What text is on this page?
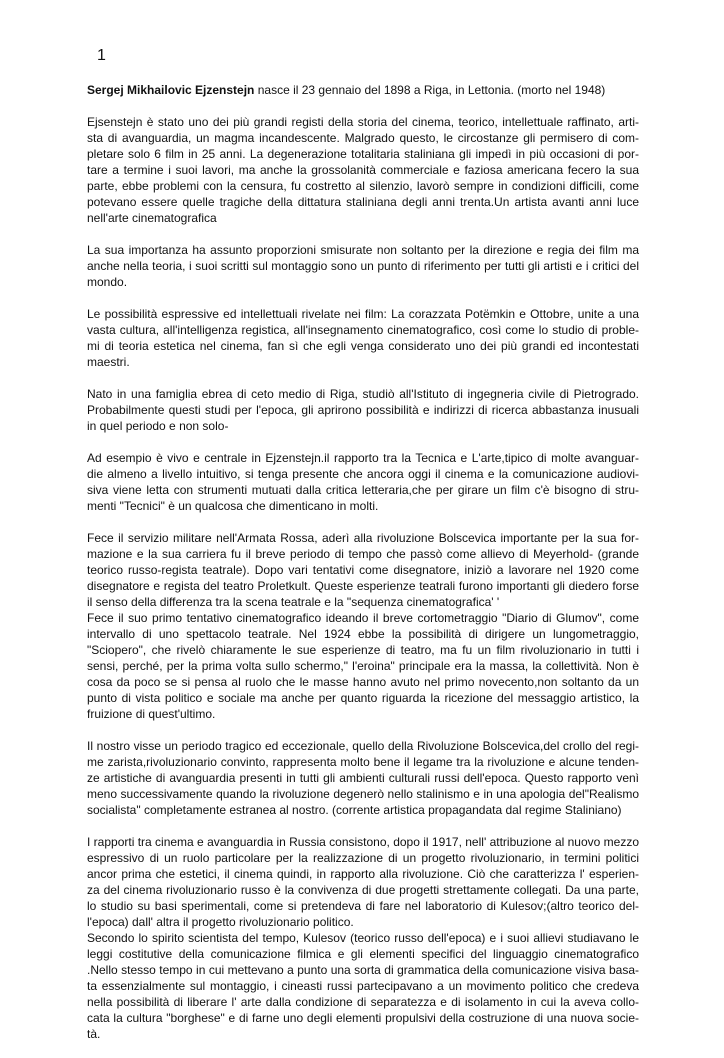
1

Sergej Mikhailovic Ejzenstejn nasce il 23 gennaio del 1898 a Riga, in Lettonia. (morto nel 1948)

Ejsenstejn è stato uno dei più grandi registi della storia del cinema, teorico, intellettuale raffinato, arti-
sta di avanguardia, un magma incandescente. Malgrado questo, le circostanze gli permisero di com-
pletare solo 6 film in 25 anni. La degenerazione totalitaria staliniana gli impedì in più occasioni di por-
tare a termine i suoi lavori, ma anche la grossolanità commerciale e faziosa americana fecero la sua
parte, ebbe problemi con la censura, fu costretto al silenzio, lavorò sempre in condizioni difficili, come
potevano essere quelle tragiche della dittatura staliniana degli anni trenta.Un artista avanti anni luce
nell'arte cinematografica

La sua importanza ha assunto proporzioni smisurate non soltanto per la direzione e regia dei film ma
anche nella teoria, i suoi scritti sul montaggio sono un punto di riferimento per tutti gli artisti e i critici del
mondo.

Le possibilità espressive ed intellettuali rivelate nei film: La corazzata Potëmkin e Ottobre, unite a una
vasta cultura, all'intelligenza registica, all'insegnamento cinematografico, così come lo studio di proble-
mi di teoria estetica nel cinema, fan sì che egli venga considerato uno dei più grandi ed incontestati
maestri.

Nato in una famiglia ebrea di ceto medio di Riga, studiò all'Istituto di ingegneria civile di Pietrogrado.
Probabilmente questi studi per l'epoca, gli aprirono possibilità e indirizzi di ricerca abbastanza inusuali
in quel periodo e non solo-

Ad esempio è vivo e centrale in Ejzenstejn.il rapporto tra la Tecnica e L'arte,tipico di molte avanguar-
die almeno a livello intuitivo, si tenga presente che ancora oggi il cinema e la comunicazione audiovi-
siva viene letta con strumenti mutuati dalla critica letteraria,che per girare un film c'è bisogno di stru-
menti "Tecnici" è un qualcosa che dimenticano in molti.

Fece il servizio militare nell'Armata Rossa, aderì alla rivoluzione Bolscevica importante per la sua for-
mazione e la sua carriera fu il breve periodo di tempo che passò come allievo di Meyerhold- (grande
teorico russo-regista teatrale). Dopo vari tentativi come disegnatore, iniziò a lavorare nel 1920 come
disegnatore e regista del teatro Proletkult. Queste esperienze teatrali furono importanti gli diedero forse
il senso della differenza tra la scena teatrale e la "sequenza cinematografica' '

Fece il suo primo tentativo cinematografico ideando il breve cortometraggio "Diario di Glumov", come
intervallo di uno spettacolo teatrale. Nel 1924 ebbe la possibilità di dirigere un lungometraggio,
"Sciopero", che rivelò chiaramente le sue esperienze di teatro, ma fu un film rivoluzionario in tutti i
sensi, perché, per la prima volta sullo schermo," l'eroina" principale era la massa, la collettività. Non è
cosa da poco se si pensa al ruolo che le masse hanno avuto nel primo novecento,non soltanto da un
punto di vista politico e sociale ma anche per quanto riguarda la ricezione del messaggio artistico, la
fruizione di quest'ultimo.

Il nostro visse un periodo tragico ed eccezionale, quello della Rivoluzione Bolscevica,del crollo del regi-
me zarista,rivoluzionario convinto, rappresenta molto bene il legame tra la rivoluzione e alcune tenden-
ze artistiche di avanguardia presenti in tutti gli ambienti culturali russi dell'epoca. Questo rapporto venì
meno successivamente quando la rivoluzione degenerò nello stalinismo e in una apologia del"Realismo
socialista" completamente estranea al nostro. (corrente artistica propagandata dal regime Staliniano)

I rapporti tra cinema e avanguardia in Russia consistono, dopo il 1917, nell' attribuzione al nuovo mezzo
espressivo di un ruolo particolare per la realizzazione di un progetto rivoluzionario, in termini politici
ancor prima che estetici, il cinema quindi, in rapporto alla rivoluzione. Ciò che caratterizza l' esperien-
za del cinema rivoluzionario russo è la convivenza di due progetti strettamente collegati. Da una parte,
lo studio su basi sperimentali, come si pretendeva di fare nel laboratorio di Kulesov;(altro teorico del-
l'epoca) dall' altra il progetto rivoluzionario politico.

Secondo lo spirito scientista del tempo, Kulesov (teorico russo dell'epoca) e i suoi allievi studiavano le
leggi costitutive della comunicazione filmica e gli elementi specifici del linguaggio cinematografico
.Nello stesso tempo in cui mettevano a punto una sorta di grammatica della comunicazione visiva basa-
ta essenzialmente sul montaggio, i cineasti russi partecipavano a un movimento politico che credeva
nella possibilità di liberare l' arte dalla condizione di separatezza e di isolamento in cui la aveva collo-
cata la cultura "borghese" e di farne uno degli elementi propulsivi della costruzione di una nuova socie-
tà.
